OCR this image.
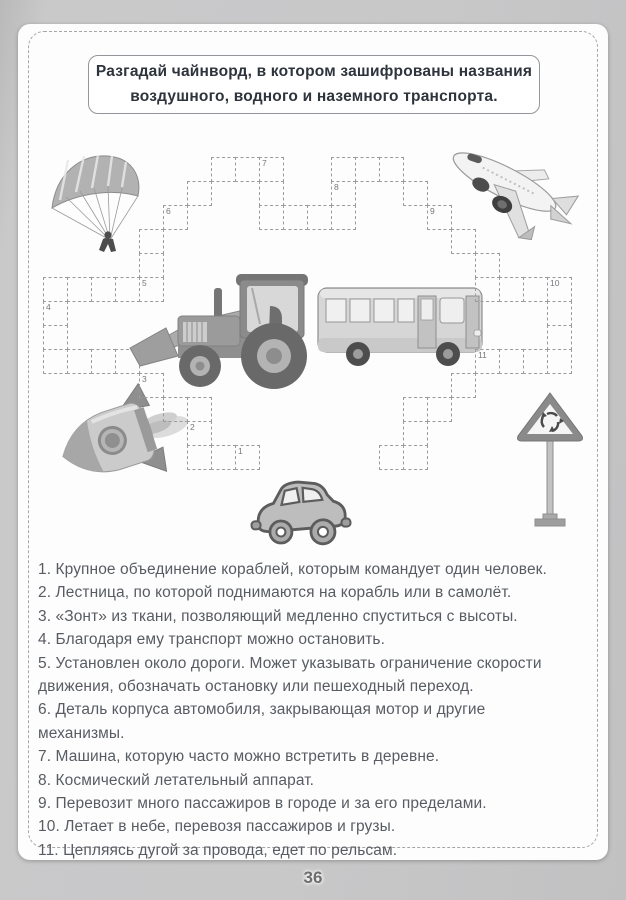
Разгадай чайнворд, в котором зашифрованы названия
воздушного, водного и наземного транспорта.
7
8
6	9
5	10
4
11
3
2
1
1. Крупное объединение кораблей, которым командует один человек.
2. Лестница, по которой поднимаются на корабль или в самолёт.
3. «Зонт» из ткани, позволяющий медленно спуститься с высоты.
4. Благодаря ему транспорт можно остановить.
5. Установлен около дороги. Может указывать ограничение скорости движения, обозначать остановку или пешеходный переход.
6. Деталь корпуса автомобиля, закрывающая мотор и другие механизмы.
7. Машина, которую часто можно встретить в деревне.
8. Космический летательный аппарат.
9. Перевозит много пассажиров в городе и за его пределами.
10. Летает в небе, перевозя пассажиров и грузы.
11. Цепляясь дугой за провода, едет по рельсам.
36
